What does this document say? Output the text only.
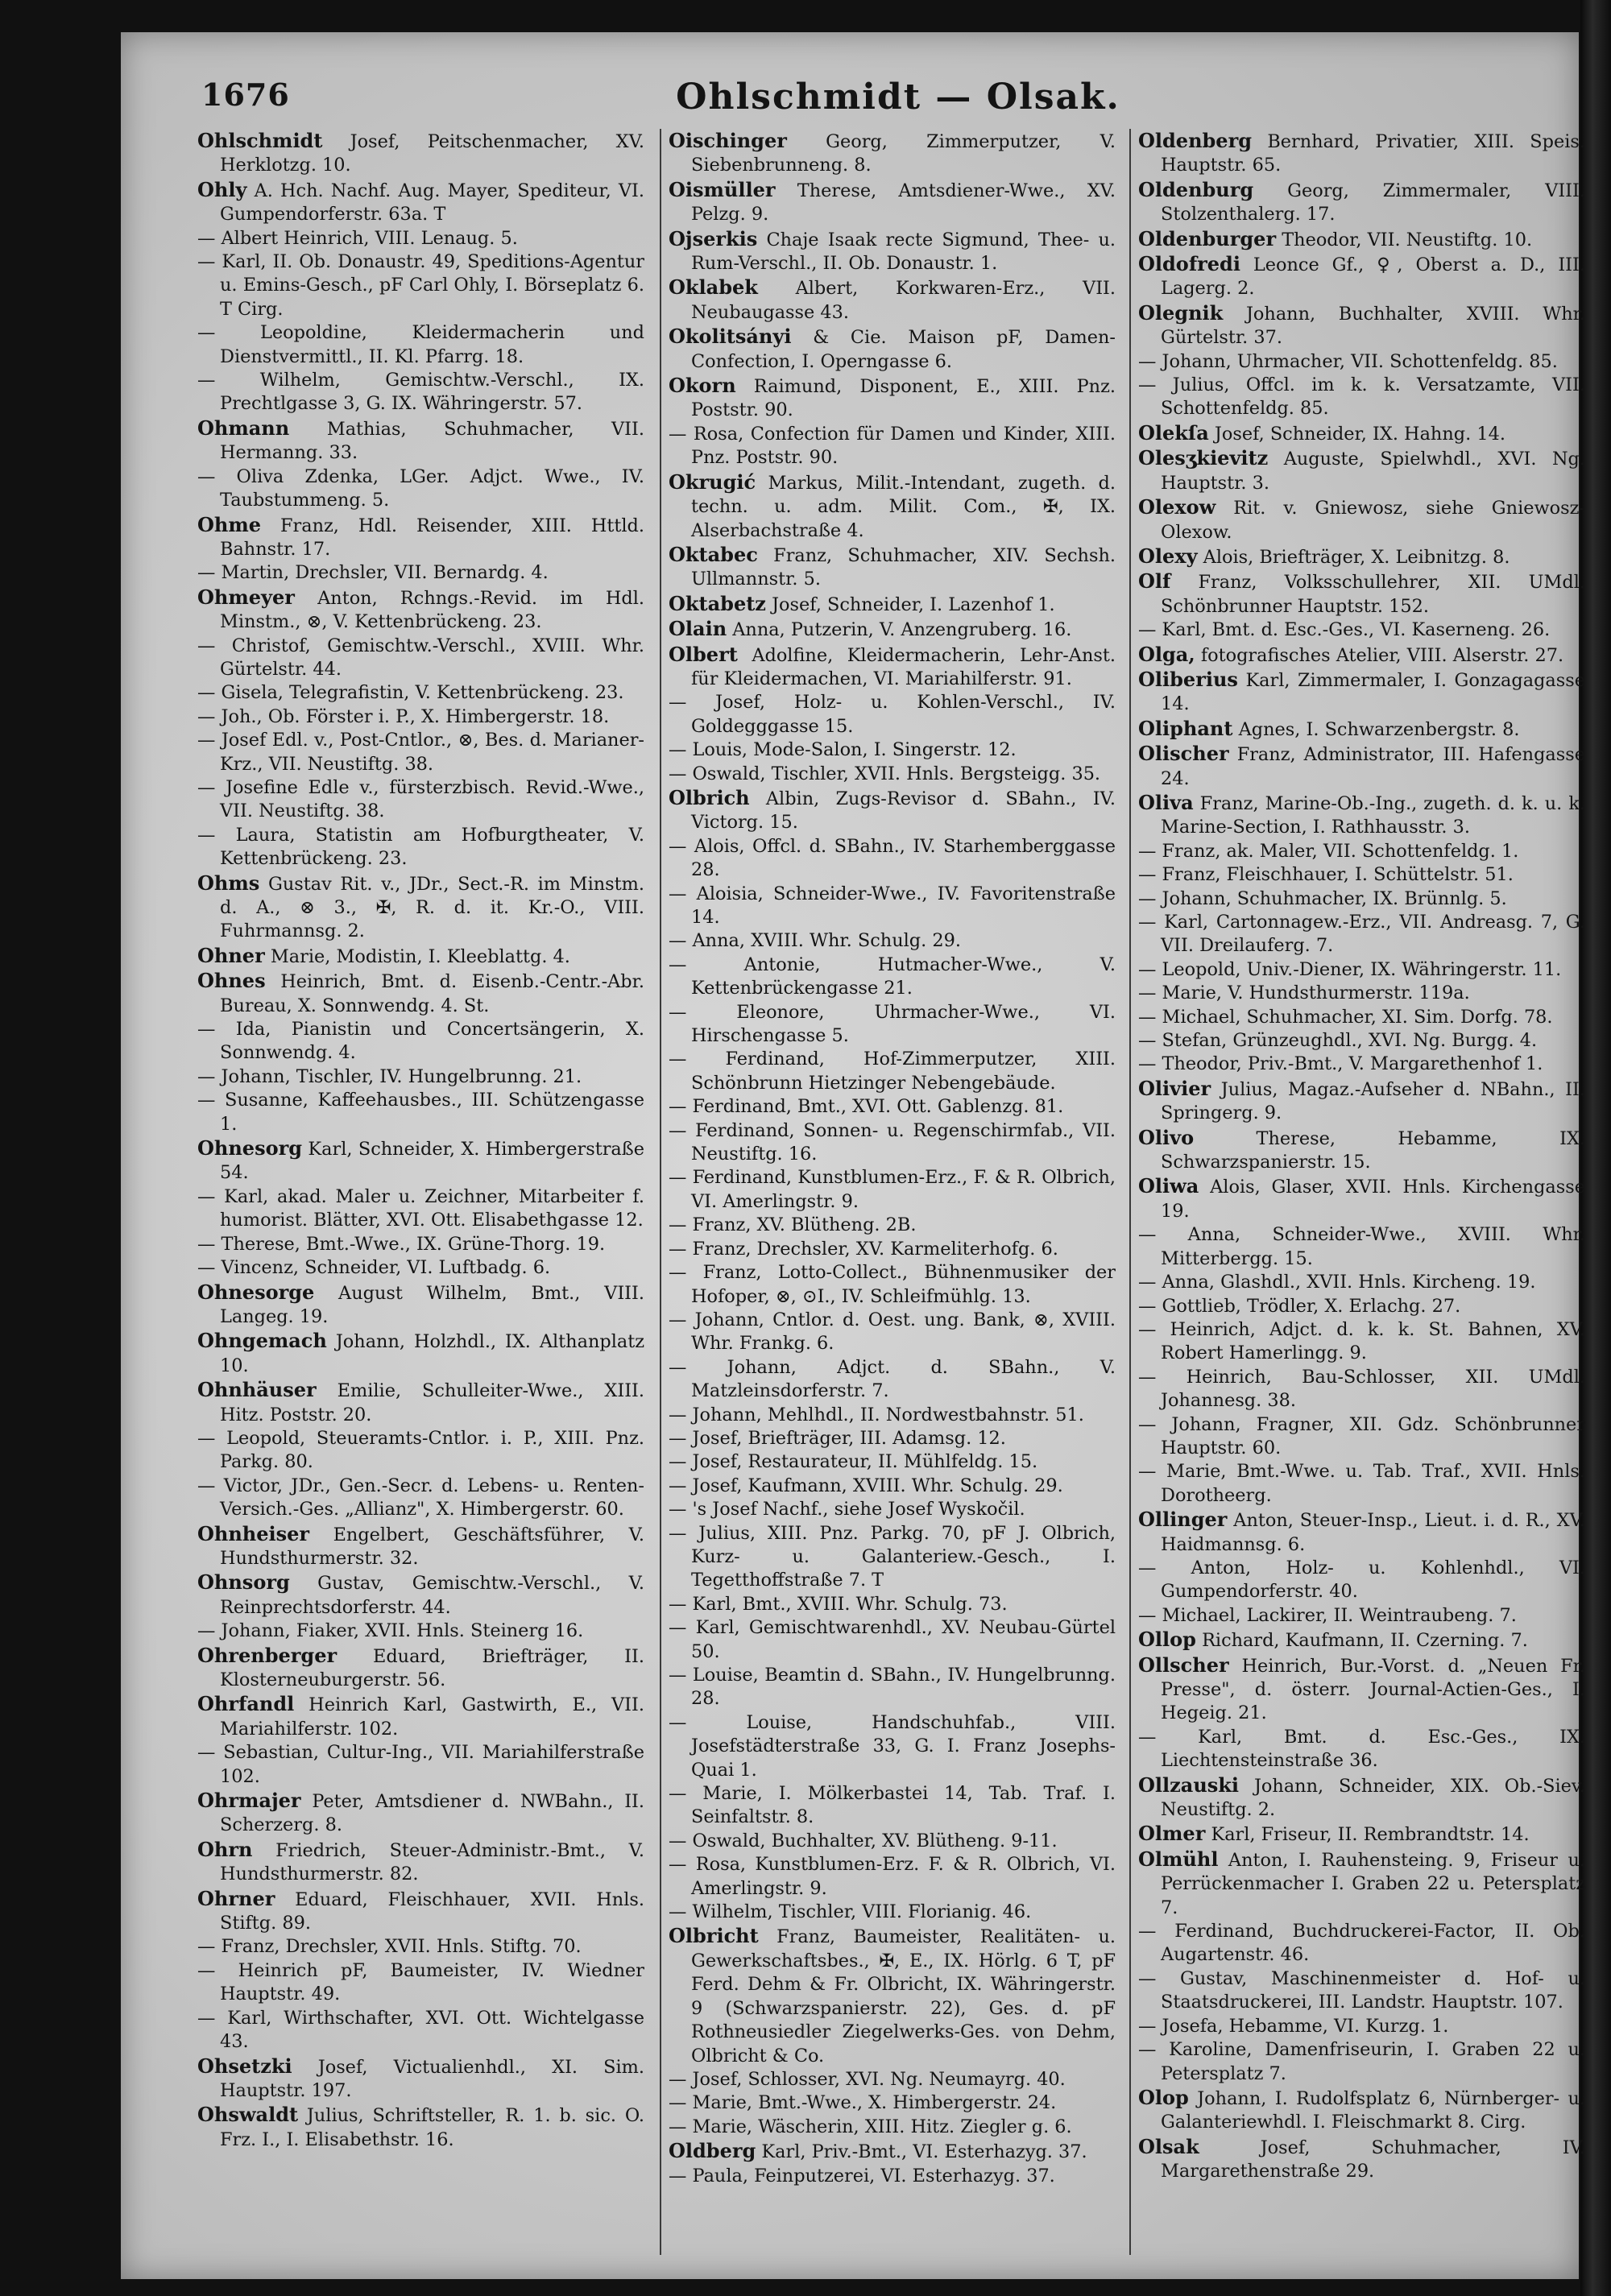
Ohlschmidt — Olsak.
1676
Ohlschmidt Josef, Peitschenmacher, XV. Herklotzg. 10.
Ohly A. Hch. Nachf. Aug. Mayer, Spediteur, VI. Gumpendorferstr. 63a. T
— Albert Heinrich, VIII. Lenaug. 5.
— Karl, II. Ob. Donaustr. 49, Speditions-Agentur u. Emins-Gesch., pF Carl Ohly, I. Börseplatz 6. T Cirg.
— Leopoldine, Kleidermacherin und Dienstvermittl., II. Kl. Pfarrg. 18.
— Wilhelm, Gemischtw.-Verschl., IX. Prechtlgasse 3, G. IX. Währingerstr. 57.
Ohmann Mathias, Schuhmacher, VII. Hermanng. 33.
— Oliva Zdenka, LGer. Adjct. Wwe., IV. Taubstummeng. 5.
Ohme Franz, Hdl. Reisender, XIII. Httld. Bahnstr. 17.
— Martin, Drechsler, VII. Bernardg. 4.
Ohmeyer Anton, Rchngs.-Revid. im Hdl. Minstm., ⊗, V. Kettenbrückeng. 23.
— Christof, Gemischtw.-Verschl., XVIII. Whr. Gürtelstr. 44.
— Gisela, Telegrafistin, V. Kettenbrückeng. 23.
— Joh., Ob. Förster i. P., X. Himbergerstr. 18.
— Josef Edl. v., Post-Cntlor., ⊗, Bes. d. Marianer-Krz., VII. Neustiftg. 38.
— Josefine Edle v., fürsterzbisch. Revid.-Wwe., VII. Neustiftg. 38.
— Laura, Statistin am Hofburgtheater, V. Kettenbrückeng. 23.
Ohms Gustav Rit. v., JDr., Sect.-R. im Minstm. d. A., ⊗ 3., ✠, R. d. it. Kr.-O., VIII. Fuhrmannsg. 2.
Ohner Marie, Modistin, I. Kleeblattg. 4.
Ohnes Heinrich, Bmt. d. Eisenb.-Centr.-Abr. Bureau, X. Sonnwendg. 4. St.
— Ida, Pianistin und Concertsängerin, X. Sonnwendg. 4.
— Johann, Tischler, IV. Hungelbrunng. 21.
— Susanne, Kaffeehausbes., III. Schützengasse 1.
Ohnesorg Karl, Schneider, X. Himbergerstraße 54.
— Karl, akad. Maler u. Zeichner, Mitarbeiter f. humorist. Blätter, XVI. Ott. Elisabethgasse 12.
— Therese, Bmt.-Wwe., IX. Grüne-Thorg. 19.
— Vincenz, Schneider, VI. Luftbadg. 6.
Ohnesorge August Wilhelm, Bmt., VIII. Langeg. 19.
Ohngemach Johann, Holzhdl., IX. Althanplatz 10.
Ohnhäuser Emilie, Schulleiter-Wwe., XIII. Hitz. Poststr. 20.
— Leopold, Steueramts-Cntlor. i. P., XIII. Pnz. Parkg. 80.
— Victor, JDr., Gen.-Secr. d. Lebens- u. Renten-Versich.-Ges. „Allianz", X. Himbergerstr. 60.
Ohnheiser Engelbert, Geschäftsführer, V. Hundsthurmerstr. 32.
Ohnsorg Gustav, Gemischtw.-Verschl., V. Reinprechtsdorferstr. 44.
— Johann, Fiaker, XVII. Hnls. Steinerg 16.
Ohrenberger Eduard, Briefträger, II. Klosterneuburgerstr. 56.
Ohrfandl Heinrich Karl, Gastwirth, E., VII. Mariahilferstr. 102.
— Sebastian, Cultur-Ing., VII. Mariahilferstraße 102.
Ohrmajer Peter, Amtsdiener d. NWBahn., II. Scherzerg. 8.
Ohrn Friedrich, Steuer-Administr.-Bmt., V. Hundsthurmerstr. 82.
Ohrner Eduard, Fleischhauer, XVII. Hnls. Stiftg. 89.
— Franz, Drechsler, XVII. Hnls. Stiftg. 70.
— Heinrich pF, Baumeister, IV. Wiedner Hauptstr. 49.
— Karl, Wirthschafter, XVI. Ott. Wichtelgasse 43.
Ohsetzki Josef, Victualienhdl., XI. Sim. Hauptstr. 197.
Ohswaldt Julius, Schriftsteller, R. 1. b. sic. O. Frz. I., I. Elisabethstr. 16.
Oischinger Georg, Zimmerputzer, V. Siebenbrunneng. 8.
Oismüller Therese, Amtsdiener-Wwe., XV. Pelzg. 9.
Ojserkis Chaje Isaak recte Sigmund, Thee- u. Rum-Verschl., II. Ob. Donaustr. 1.
Oklabek Albert, Korkwaren-Erz., VII. Neubaugasse 43.
Okolitsányi & Cie. Maison pF, Damen-Confection, I. Operngasse 6.
Okorn Raimund, Disponent, E., XIII. Pnz. Poststr. 90.
— Rosa, Confection für Damen und Kinder, XIII. Pnz. Poststr. 90.
Okrugić Markus, Milit.-Intendant, zugeth. d. techn. u. adm. Milit. Com., ✠, IX. Alserbachstraße 4.
Oktabec Franz, Schuhmacher, XIV. Sechsh. Ullmannstr. 5.
Oktabetz Josef, Schneider, I. Lazenhof 1.
Olain Anna, Putzerin, V. Anzengruberg. 16.
Olbert Adolfine, Kleidermacherin, Lehr-Anst. für Kleidermachen, VI. Mariahilferstr. 91.
— Josef, Holz- u. Kohlen-Verschl., IV. Goldegggasse 15.
— Louis, Mode-Salon, I. Singerstr. 12.
— Oswald, Tischler, XVII. Hnls. Bergsteigg. 35.
Olbrich Albin, Zugs-Revisor d. SBahn., IV. Victorg. 15.
— Alois, Offcl. d. SBahn., IV. Starhemberggasse 28.
— Aloisia, Schneider-Wwe., IV. Favoritenstraße 14.
— Anna, XVIII. Whr. Schulg. 29.
— Antonie, Hutmacher-Wwe., V. Kettenbrückengasse 21.
— Eleonore, Uhrmacher-Wwe., VI. Hirschengasse 5.
— Ferdinand, Hof-Zimmerputzer, XIII. Schönbrunn Hietzinger Nebengebäude.
— Ferdinand, Bmt., XVI. Ott. Gablenzg. 81.
— Ferdinand, Sonnen- u. Regenschirmfab., VII. Neustiftg. 16.
— Ferdinand, Kunstblumen-Erz., F. & R. Olbrich, VI. Amerlingstr. 9.
— Franz, XV. Blütheng. 2B.
— Franz, Drechsler, XV. Karmeliterhofg. 6.
— Franz, Lotto-Collect., Bühnenmusiker der Hofoper, ⊗, ⊙I., IV. Schleifmühlg. 13.
— Johann, Cntlor. d. Oest. ung. Bank, ⊗, XVIII. Whr. Frankg. 6.
— Johann, Adjct. d. SBahn., V. Matzleinsdorferstr. 7.
— Johann, Mehlhdl., II. Nordwestbahnstr. 51.
— Josef, Briefträger, III. Adamsg. 12.
— Josef, Restaurateur, II. Mühlfeldg. 15.
— Josef, Kaufmann, XVIII. Whr. Schulg. 29.
— 's Josef Nachf., siehe Josef Wyskočil.
— Julius, XIII. Pnz. Parkg. 70, pF J. Olbrich, Kurz- u. Galanteriew.-Gesch., I. Tegetthoffstraße 7. T
— Karl, Bmt., XVIII. Whr. Schulg. 73.
— Karl, Gemischtwarenhdl., XV. Neubau-Gürtel 50.
— Louise, Beamtin d. SBahn., IV. Hungelbrunng. 28.
— Louise, Handschuhfab., VIII. Josefstädterstraße 33, G. I. Franz Josephs-Quai 1.
— Marie, I. Mölkerbastei 14, Tab. Traf. I. Seinfaltstr. 8.
— Oswald, Buchhalter, XV. Blütheng. 9-11.
— Rosa, Kunstblumen-Erz. F. & R. Olbrich, VI. Amerlingstr. 9.
— Wilhelm, Tischler, VIII. Florianig. 46.
Olbricht Franz, Baumeister, Realitäten- u. Gewerkschaftsbes., ✠, E., IX. Hörlg. 6 T, pF Ferd. Dehm & Fr. Olbricht, IX. Währingerstr. 9 (Schwarzspanierstr. 22), Ges. d. pF Rothneusiedler Ziegelwerks-Ges. von Dehm, Olbricht & Co.
— Josef, Schlosser, XVI. Ng. Neumayrg. 40.
— Marie, Bmt.-Wwe., X. Himbergerstr. 24.
— Marie, Wäscherin, XIII. Hitz. Ziegler g. 6.
Oldberg Karl, Priv.-Bmt., VI. Esterhazyg. 37.
— Paula, Feinputzerei, VI. Esterhazyg. 37.
Oldenberg Bernhard, Privatier, XIII. Speis. Hauptstr. 65.
Oldenburg Georg, Zimmermaler, VIII. Stolzenthalerg. 17.
Oldenburger Theodor, VII. Neustiftg. 10.
Oldofredi Leonce Gf., ♀, Oberst a. D., III. Lagerg. 2.
Olegnik Johann, Buchhalter, XVIII. Whr. Gürtelstr. 37.
— Johann, Uhrmacher, VII. Schottenfeldg. 85.
— Julius, Offcl. im k. k. Versatzamte, VII. Schottenfeldg. 85.
Olekſa Josef, Schneider, IX. Hahng. 14.
Olesʒkievitz Auguste, Spielwhdl., XVI. Ng. Hauptstr. 3.
Olexow Rit. v. Gniewosz, siehe Gniewosz-Olexow.
Olexy Alois, Briefträger, X. Leibnitzg. 8.
Olf Franz, Volksschullehrer, XII. UMdl. Schönbrunner Hauptstr. 152.
— Karl, Bmt. d. Esc.-Ges., VI. Kaserneng. 26.
Olga, fotografisches Atelier, VIII. Alserstr. 27.
Oliberius Karl, Zimmermaler, I. Gonzagagasse 14.
Oliphant Agnes, I. Schwarzenbergstr. 8.
Olischer Franz, Administrator, III. Hafengasse 24.
Oliva Franz, Marine-Ob.-Ing., zugeth. d. k. u. k. Marine-Section, I. Rathhausstr. 3.
— Franz, ak. Maler, VII. Schottenfeldg. 1.
— Franz, Fleischhauer, I. Schüttelstr. 51.
— Johann, Schuhmacher, IX. Brünnlg. 5.
— Karl, Cartonnagew.-Erz., VII. Andreasg. 7, G. VII. Dreilauferg. 7.
— Leopold, Univ.-Diener, IX. Währingerstr. 11.
— Marie, V. Hundsthurmerstr. 119a.
— Michael, Schuhmacher, XI. Sim. Dorfg. 78.
— Stefan, Grünzeughdl., XVI. Ng. Burgg. 4.
— Theodor, Priv.-Bmt., V. Margarethenhof 1.
Olivier Julius, Magaz.-Aufseher d. NBahn., II. Springerg. 9.
Olivo	Therese, Hebamme, IX. Schwarzspanierstr. 15.
Oliwa Alois, Glaser, XVII. Hnls. Kirchengasse 19.
— Anna, Schneider-Wwe., XVIII. Whr. Mitterbergg. 15.
— Anna, Glashdl., XVII. Hnls. Kircheng. 19.
— Gottlieb, Trödler, X. Erlachg. 27.
— Heinrich, Adjct. d. k. k. St. Bahnen, XV. Robert Hamerlingg. 9.
— Heinrich, Bau-Schlosser, XII. UMdl. Johannesg. 38.
— Johann, Fragner, XII. Gdz. Schönbrunner Hauptstr. 60.
— Marie, Bmt.-Wwe. u. Tab. Traf., XVII. Hnls. Dorotheerg.
Ollinger Anton, Steuer-Insp., Lieut. i. d. R., XV. Haidmannsg. 6.
— Anton, Holz- u. Kohlenhdl., VI. Gumpendorferstr. 40.
— Michael, Lackirer, II. Weintraubeng. 7.
Ollop Richard, Kaufmann, II. Czerning. 7.
Ollscher Heinrich, Bur.-Vorst. d. „Neuen Fr. Presse", d. österr. Journal-Actien-Ges., I. Hegeig. 21.
— Karl, Bmt. d. Esc.-Ges., IX. Liechtensteinstraße 36.
Ollzauski Johann, Schneider, XIX. Ob.-Siev. Neustiftg. 2.
Olmer Karl, Friseur, II. Rembrandtstr. 14.
Olmühl Anton, I. Rauhensteing. 9, Friseur u. Perrückenmacher I. Graben 22 u. Petersplatz 7.
— Ferdinand, Buchdruckerei-Factor, II. Ob. Augartenstr. 46.
— Gustav, Maschinenmeister d. Hof- u. Staatsdruckerei, III. Landstr. Hauptstr. 107.
— Josefa, Hebamme, VI. Kurzg. 1.
— Karoline, Damenfriseurin, I. Graben 22 u. Petersplatz 7.
Olop Johann, I. Rudolfsplatz 6, Nürnberger- u. Galanteriewhdl. I. Fleischmarkt 8. Cirg.
Olsak	Josef, Schuhmacher, IV. Margarethenstraße 29.
